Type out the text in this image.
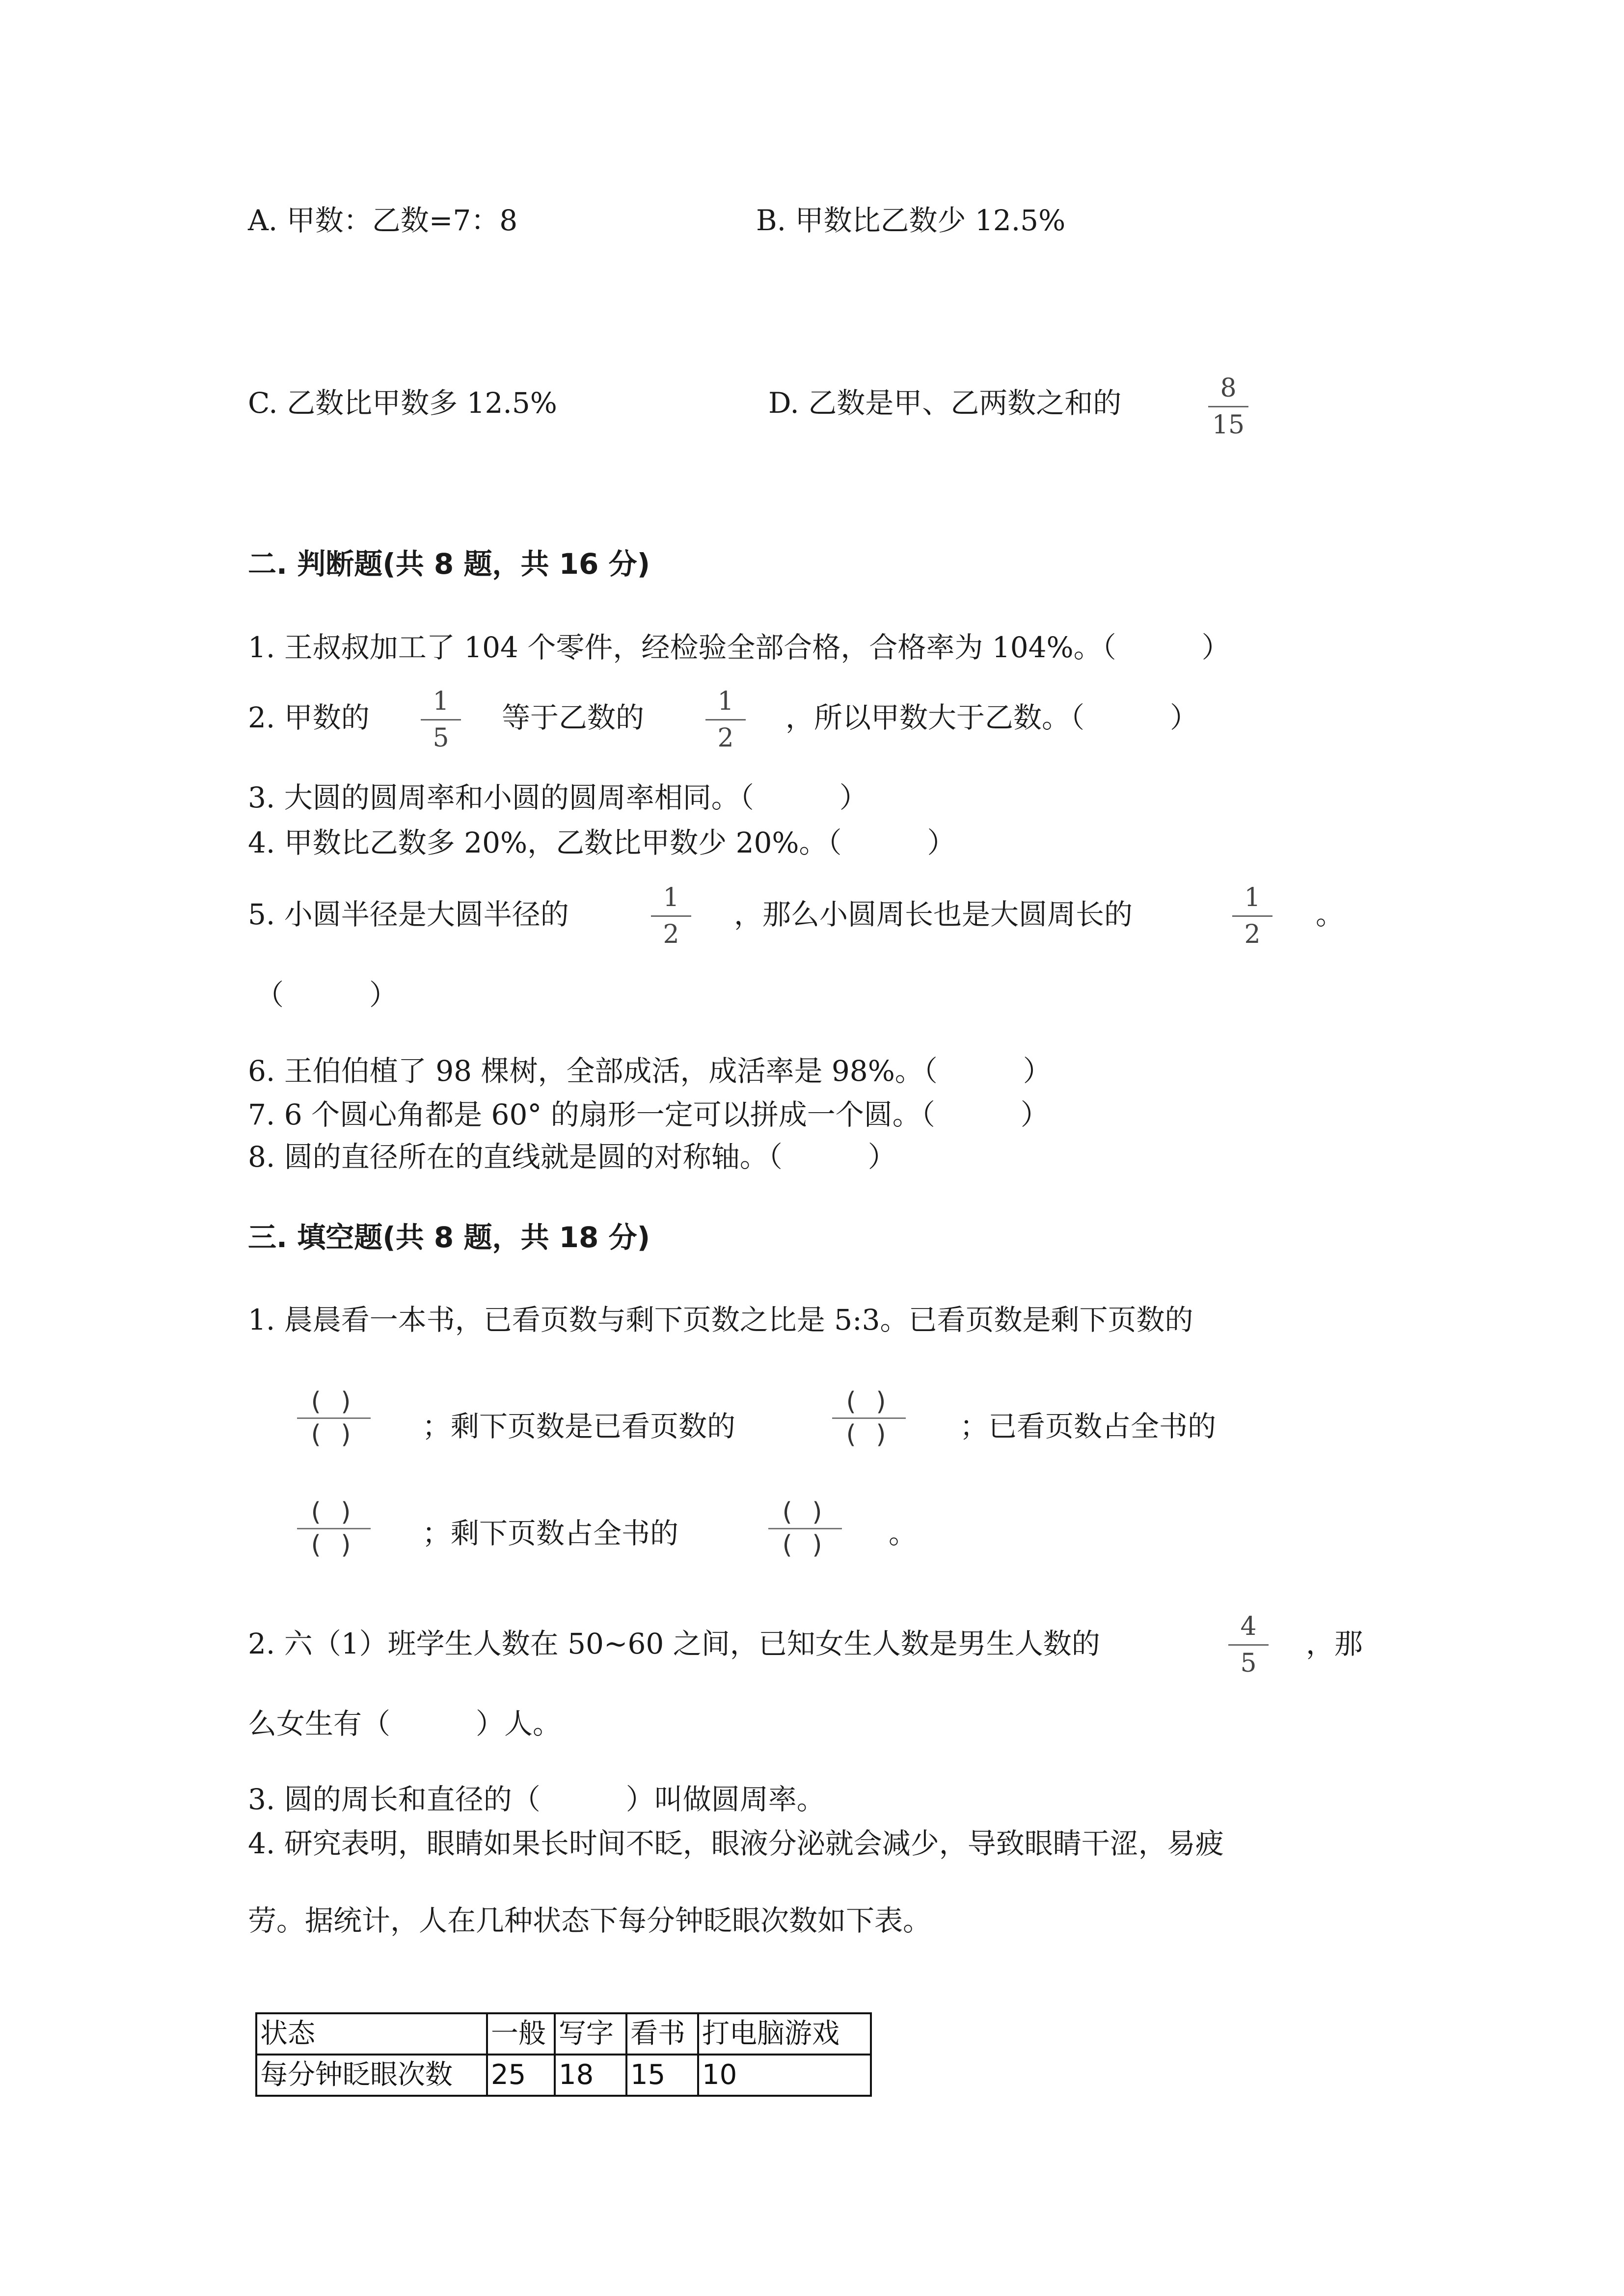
A. 甲数：乙数=7：8	B. 甲数比乙数少 12.5%
C. 乙数比甲数多 12.5%	D. 乙数是甲、乙两数之和的	8
15
二. 判断题(共 8 题，共 16 分)
1. 王叔叔加工了 104 个零件，经检验全部合格，合格率为 104%。（　　　）
2. 甲数的	1
5
等于乙数的	1
2
，所以甲数大于乙数。（　　　）
3. 大圆的圆周率和小圆的圆周率相同。（　　　）
4. 甲数比乙数多 20%，乙数比甲数少 20%。（　　　）
5. 小圆半径是大圆半径的	1
2
，那么小圆周长也是大圆周长的	1
2
。
（　　　）
6. 王伯伯植了 98 棵树，全部成活，成活率是 98%。（　　　）
7. 6 个圆心角都是 60° 的扇形一定可以拼成一个圆。（　　　）
8. 圆的直径所在的直线就是圆的对称轴。（　　　）
三. 填空题(共 8 题，共 18 分)
1. 晨晨看一本书，已看页数与剩下页数之比是 5:3。已看页数是剩下页数的
( )
( )	；剩下页数是已看页数的
( )
( )	；已看页数占全书的
( )
( )	；剩下页数占全书的
( )
( )	。
2. 六（1）班学生人数在 50~60 之间，已知女生人数是男生人数的
4
5
，那
么女生有（　　　）人。
3. 圆的周长和直径的（　　　）叫做圆周率。
4. 研究表明，眼睛如果长时间不眨，眼液分泌就会减少，导致眼睛干涩，易疲
劳。据统计，人在几种状态下每分钟眨眼次数如下表。
状态	一般	写字	看书	打电脑游戏
每分钟眨眼次数	25	18	15	10
